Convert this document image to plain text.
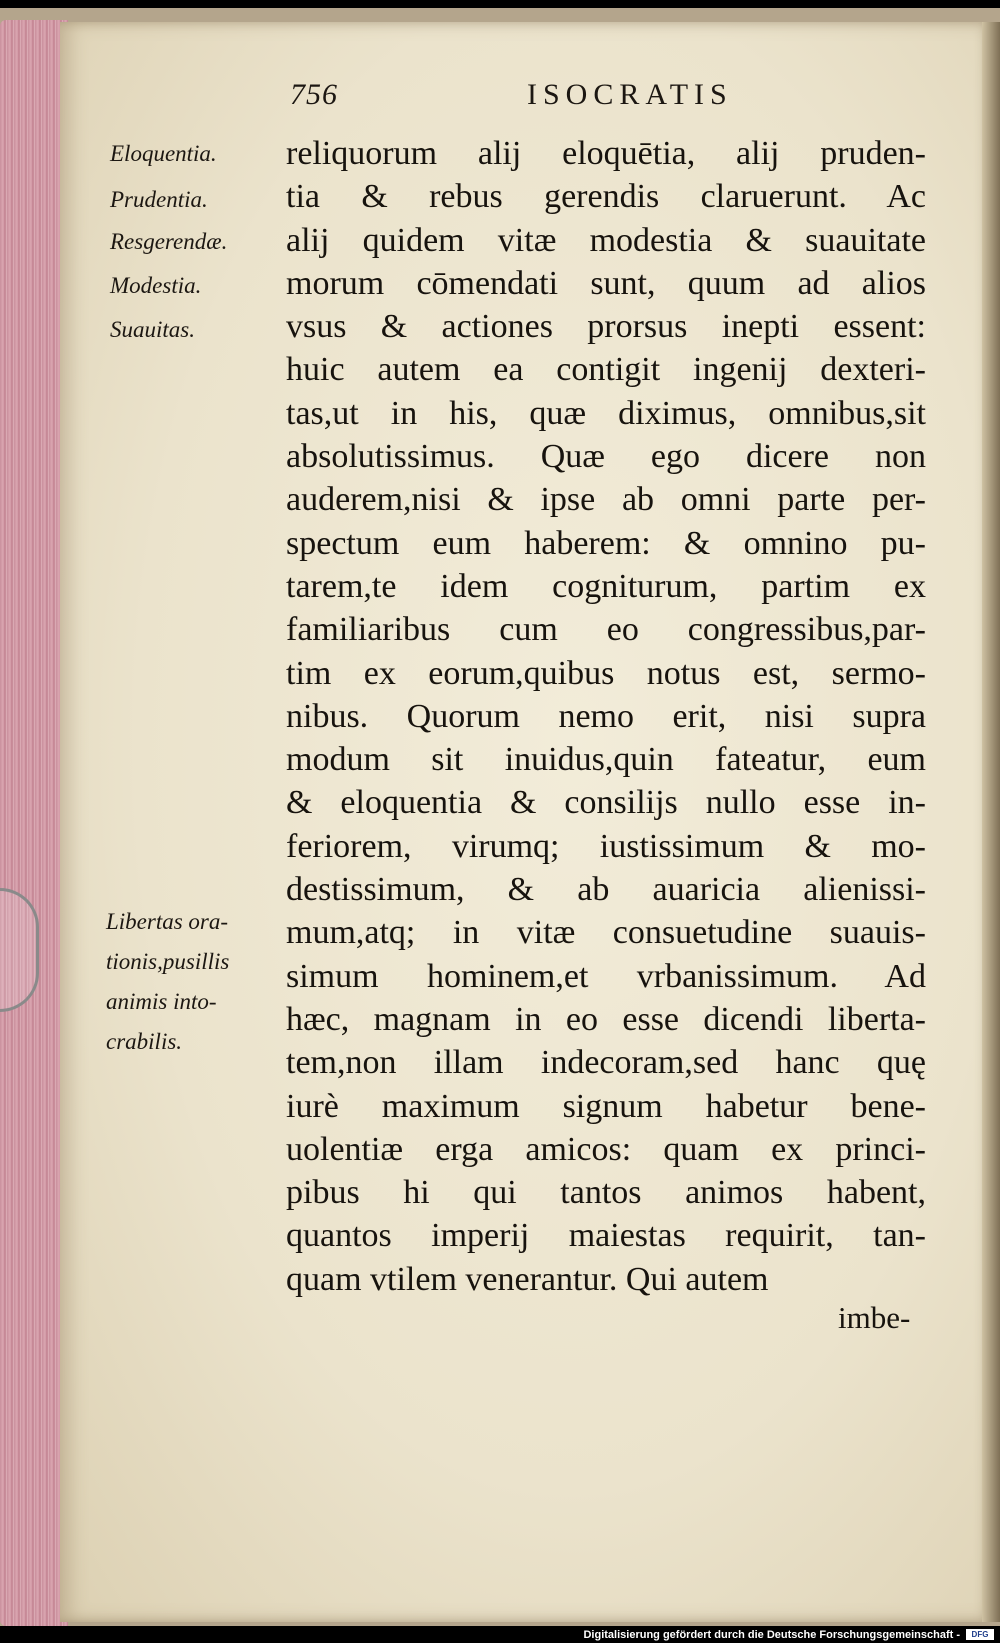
756	ISOCRATIS
Eloquentia.
Prudentia.
Resgerendæ.
Modestia.
Suauitas.
Libertas ora-
tionis,pusillis
animis into-
crabilis.
reliquorum alij eloquētia, alij pruden-
tia & rebus gerendis claruerunt. Ac
alij quidem vitæ modestia & suauitate
morum cōmendati sunt, quum ad alios
vsus & actiones prorsus inepti essent:
huic autem ea contigit ingenij dexteri-
tas,ut in his, quæ diximus, omnibus,sit
absolutissimus. Quæ ego dicere non
auderem,nisi & ipse ab omni parte per-
spectum eum haberem: & omnino pu-
tarem,te idem cogniturum, partim ex
familiaribus cum eo congressibus,par-
tim ex eorum,quibus notus est, sermo-
nibus. Quorum nemo erit, nisi supra
modum sit inuidus,quin fateatur, eum
& eloquentia & consilijs nullo esse in-
feriorem, virumq; iustissimum & mo-
destissimum, & ab auaricia alienissi-
mum,atq; in vitæ consuetudine suauis-
simum hominem,et vrbanissimum. Ad
hæc, magnam in eo esse dicendi liberta-
tem,non illam indecoram,sed hanc quę
iurè maximum signum habetur bene-
uolentiæ erga amicos: quam ex princi-
pibus hi qui tantos animos habent,
quantos imperij maiestas requirit, tan-
quam vtilem venerantur. Qui autem
imbe-
Digitalisierung gefördert durch die Deutsche Forschungsgemeinschaft -	DFG
